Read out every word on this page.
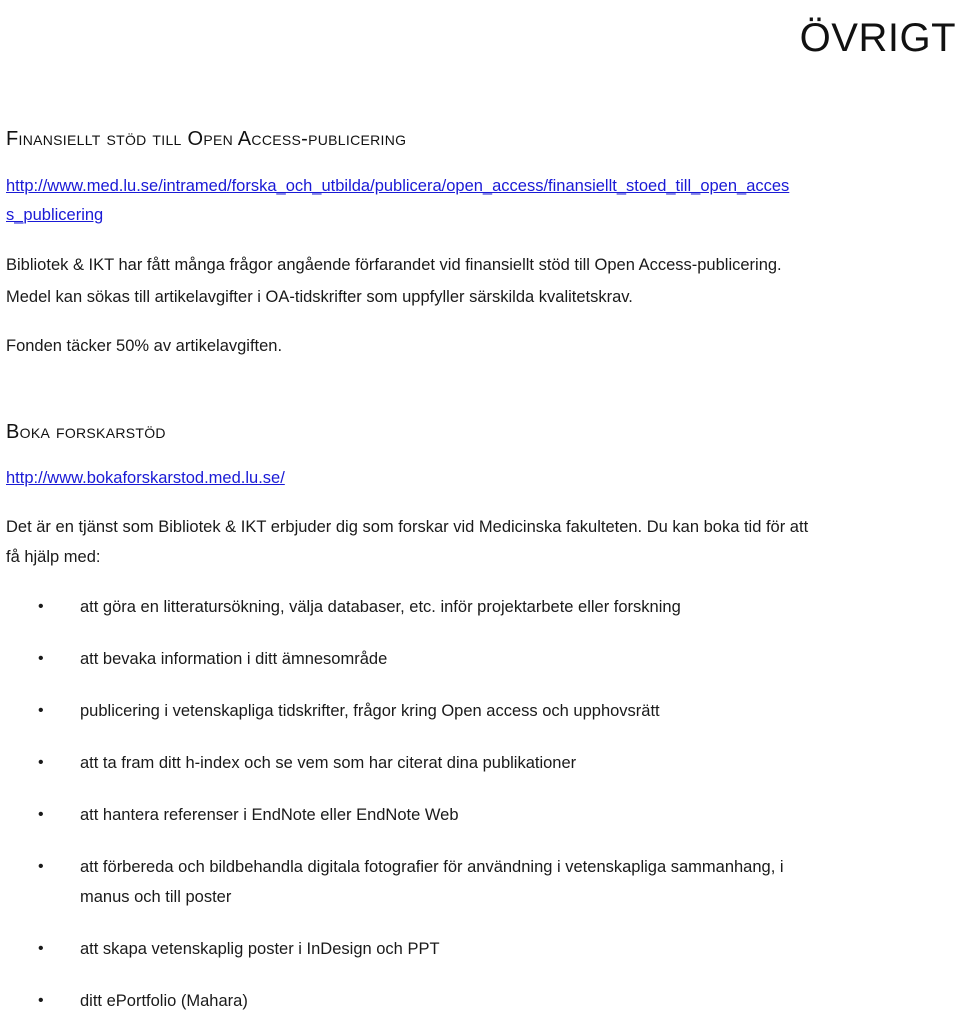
ÖVRIGT
Finansiellt stöd till Open Access-publicering
http://www.med.lu.se/intramed/forska_och_utbilda/publicera/open_access/finansiellt_stoed_till_open_acces
s_publicering

Bibliotek & IKT har fått många frågor angående förfarandet vid finansiellt stöd till Open Access-publicering.

Medel kan sökas till artikelavgifter i OA-tidskrifter som uppfyller särskilda kvalitetskrav.

Fonden täcker 50% av artikelavgiften.

Boka forskarstöd
http://www.bokaforskarstod.med.lu.se/

Det är en tjänst som Bibliotek & IKT erbjuder dig som forskar vid Medicinska fakulteten. Du kan boka tid för att

få hjälp med:

• att göra en litteratursökning, välja databaser, etc. inför projektarbete eller forskning
• att bevaka information i ditt ämnesområde
• publicering i vetenskapliga tidskrifter, frågor kring Open access och upphovsrätt
• att ta fram ditt h-index och se vem som har citerat dina publikationer
• att hantera referenser i EndNote eller EndNote Web
• att förbereda och bildbehandla digitala fotografier för användning i vetenskapliga sammanhang, i
manus och till poster
• att skapa vetenskaplig poster i InDesign och PPT
• ditt ePortfolio (Mahara)
